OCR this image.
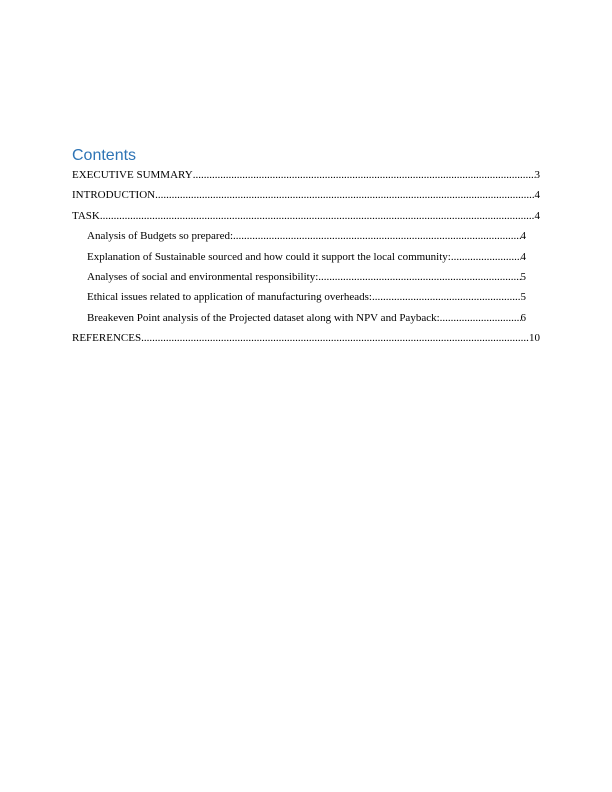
Contents
EXECUTIVE SUMMARY .....	3
INTRODUCTION .....	4
TASK .....	4
Analysis of Budgets so prepared: .....	4
Explanation of Sustainable sourced and how could it support the local community: .....	4
Analyses of social and environmental responsibility: .....	5
Ethical issues related to application of manufacturing overheads: .....	5
Breakeven Point analysis of the Projected dataset along with NPV and Payback: .....	6
REFERENCES .....	10
